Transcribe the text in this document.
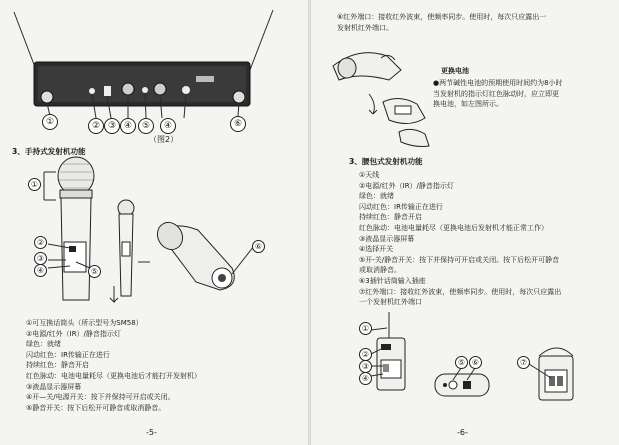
①	② ③ ④	⑤	④	⑥
（图2）
3、手持式发射机功能
①
②
③
④	⑤
⑥
①可互换话筒头（所示型号为SM58）
②电源/红外（IR）/静音指示灯
绿色：就绪
闪动红色：IR传输正在进行
持续红色：静音开启
红色脉动：电池电量耗尽（更换电池后才能打开发射机）
③液晶显示器屏幕
④开—关/电源开关：按下并保持可开启或关闭。
⑤静音开关：按下后松开可静音或取消静音。
-5-
⑥红外端口：接收红外波束，使频率同步。使用时，每次只应露出一
发射机红外端口。
更换电池
●两节碱性电池的预期使用时间约为8小时
当发射机的指示灯红色脉动时，应立即更
换电池，如左图所示。
3、腰包式发射机功能
①天线
②电源/红外（IR）/静音指示灯
绿色：就绪
闪动红色：IR传输正在进行
持续红色：静音开启
红色脉动：电池电量耗尽（更换电池后发射机才能正常工作）
③液晶显示器屏幕
④选择开关
⑤开-关/静音开关：按下并保持可开启或关闭。按下后松开可静音
或取消静音。
⑥3插针话筒输入插座
⑦红外端口：接收红外波束，使频率同步。使用时，每次只应露出
一个发射机红外端口
①
②
③
④
⑤ ⑥	⑦
-6-
